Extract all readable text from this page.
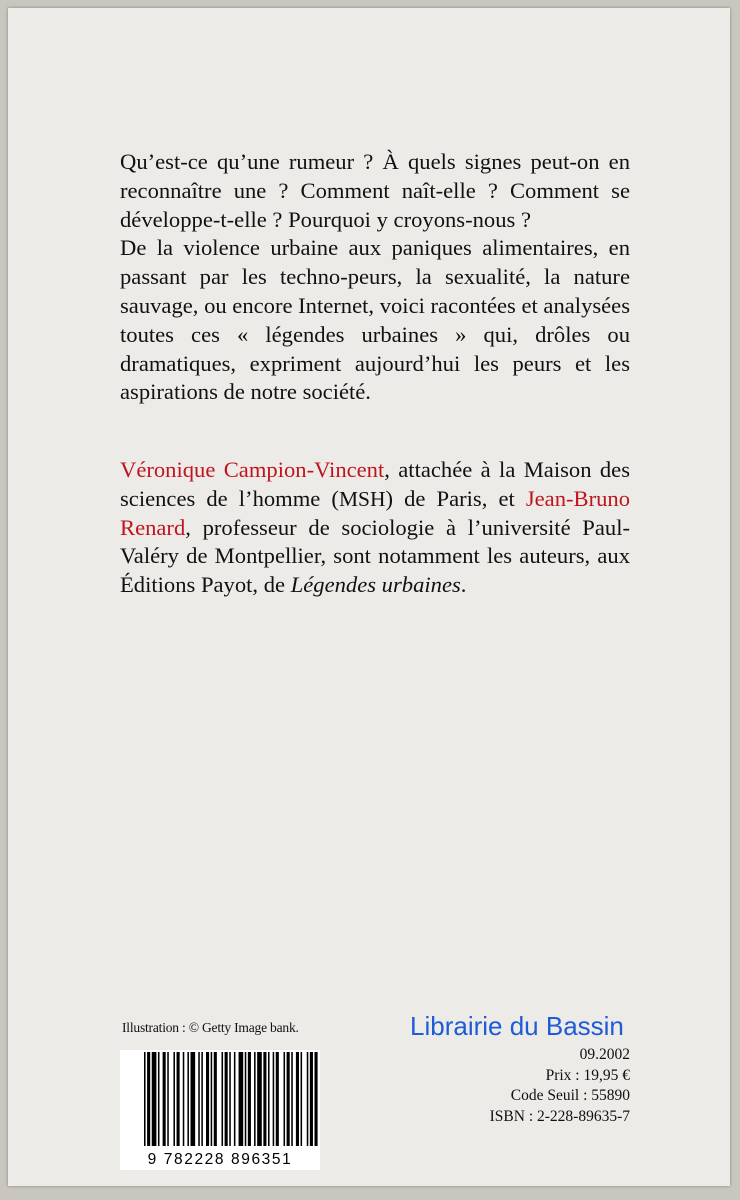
Qu’est-ce qu’une rumeur ? À quels signes peut-on en reconnaître une ? Comment naît-elle ? Comment se développe-t-elle ? Pourquoi y croyons-nous ?

De la violence urbaine aux paniques alimentaires, en passant par les techno-peurs, la sexualité, la nature sauvage, ou encore Internet, voici racontées et analysées toutes ces « légendes urbaines » qui, drôles ou dramatiques, expriment aujourd’hui les peurs et les aspirations de notre société.

Véronique Campion-Vincent, attachée à la Maison des sciences de l’homme (MSH) de Paris, et Jean-Bruno Renard, professeur de sociologie à l’université Paul-Valéry de Montpellier, sont notamment les auteurs, aux Éditions Payot, de Légendes urbaines.

Illustration : © Getty Image bank.
9 782228 896351
Librairie du Bassin
09.2002
Prix : 19,95 €
Code Seuil : 55890
ISBN : 2-228-89635-7
